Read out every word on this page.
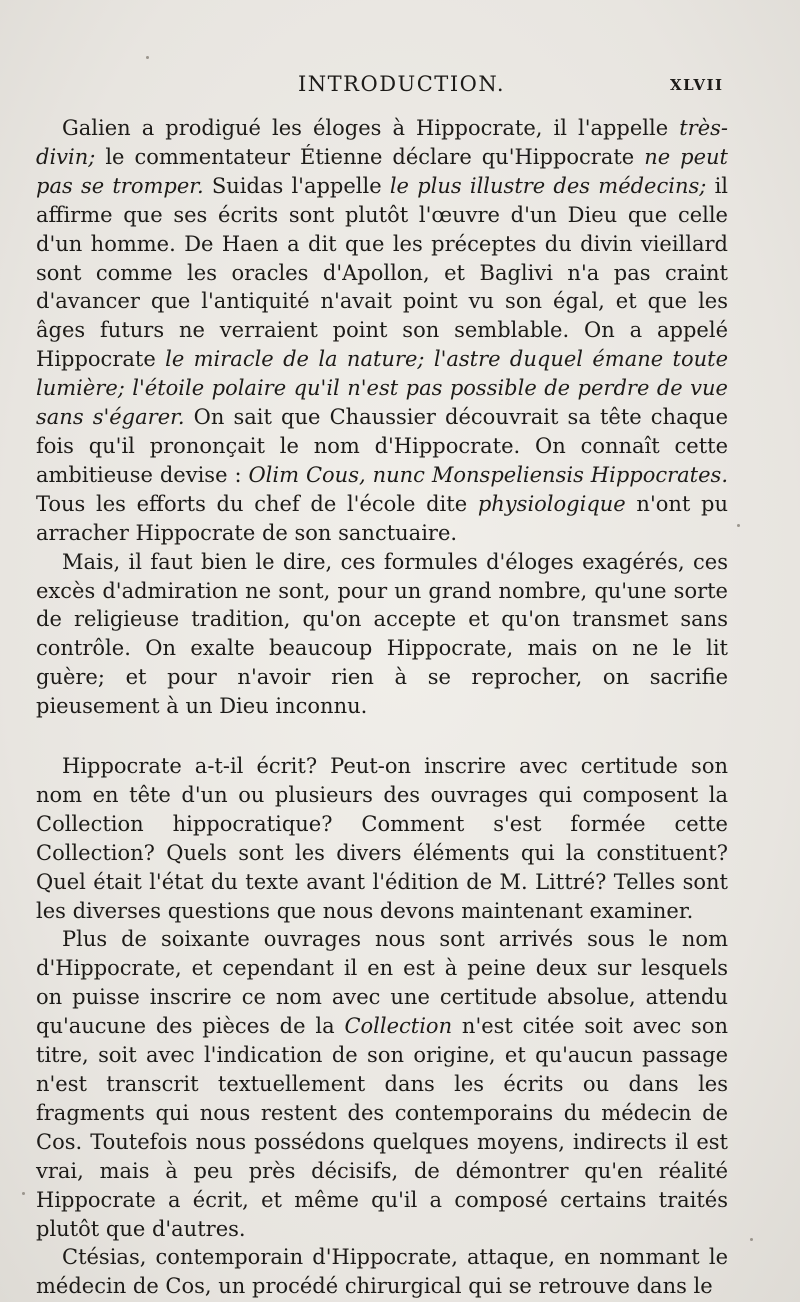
INTRODUCTION.	XLVII

Galien a prodigué les éloges à Hippocrate, il l'appelle très-divin; le commentateur Étienne déclare qu'Hippocrate ne peut pas se tromper. Suidas l'appelle le plus illustre des médecins; il affirme que ses écrits sont plutôt l'œuvre d'un Dieu que celle d'un homme. De Haen a dit que les préceptes du divin vieillard sont comme les oracles d'Apollon, et Baglivi n'a pas craint d'avancer que l'antiquité n'avait point vu son égal, et que les âges futurs ne verraient point son semblable. On a appelé Hippocrate le miracle de la nature; l'astre duquel émane toute lumière; l'étoile polaire qu'il n'est pas possible de perdre de vue sans s'égarer. On sait que Chaussier découvrait sa tête chaque fois qu'il prononçait le nom d'Hippocrate. On connaît cette ambitieuse devise : Olim Cous, nunc Monspeliensis Hippocrates. Tous les efforts du chef de l'école dite physiologique n'ont pu arracher Hippocrate de son sanctuaire.

Mais, il faut bien le dire, ces formules d'éloges exagérés, ces excès d'admiration ne sont, pour un grand nombre, qu'une sorte de religieuse tradition, qu'on accepte et qu'on transmet sans contrôle. On exalte beaucoup Hippocrate, mais on ne le lit guère; et pour n'avoir rien à se reprocher, on sacrifie pieusement à un Dieu inconnu.

Hippocrate a-t-il écrit? Peut-on inscrire avec certitude son nom en tête d'un ou plusieurs des ouvrages qui composent la Collection hippocratique? Comment s'est formée cette Collection? Quels sont les divers éléments qui la constituent? Quel était l'état du texte avant l'édition de M. Littré? Telles sont les diverses questions que nous devons maintenant examiner.

Plus de soixante ouvrages nous sont arrivés sous le nom d'Hippocrate, et cependant il en est à peine deux sur lesquels on puisse inscrire ce nom avec une certitude absolue, attendu qu'aucune des pièces de la Collection n'est citée soit avec son titre, soit avec l'indication de son origine, et qu'aucun passage n'est transcrit textuellement dans les écrits ou dans les fragments qui nous restent des contemporains du médecin de Cos. Toutefois nous possédons quelques moyens, indirects il est vrai, mais à peu près décisifs, de démontrer qu'en réalité Hippocrate a écrit, et même qu'il a composé certains traités plutôt que d'autres.

Ctésias, contemporain d'Hippocrate, attaque, en nommant le médecin de Cos, un procédé chirurgical qui se retrouve dans le
